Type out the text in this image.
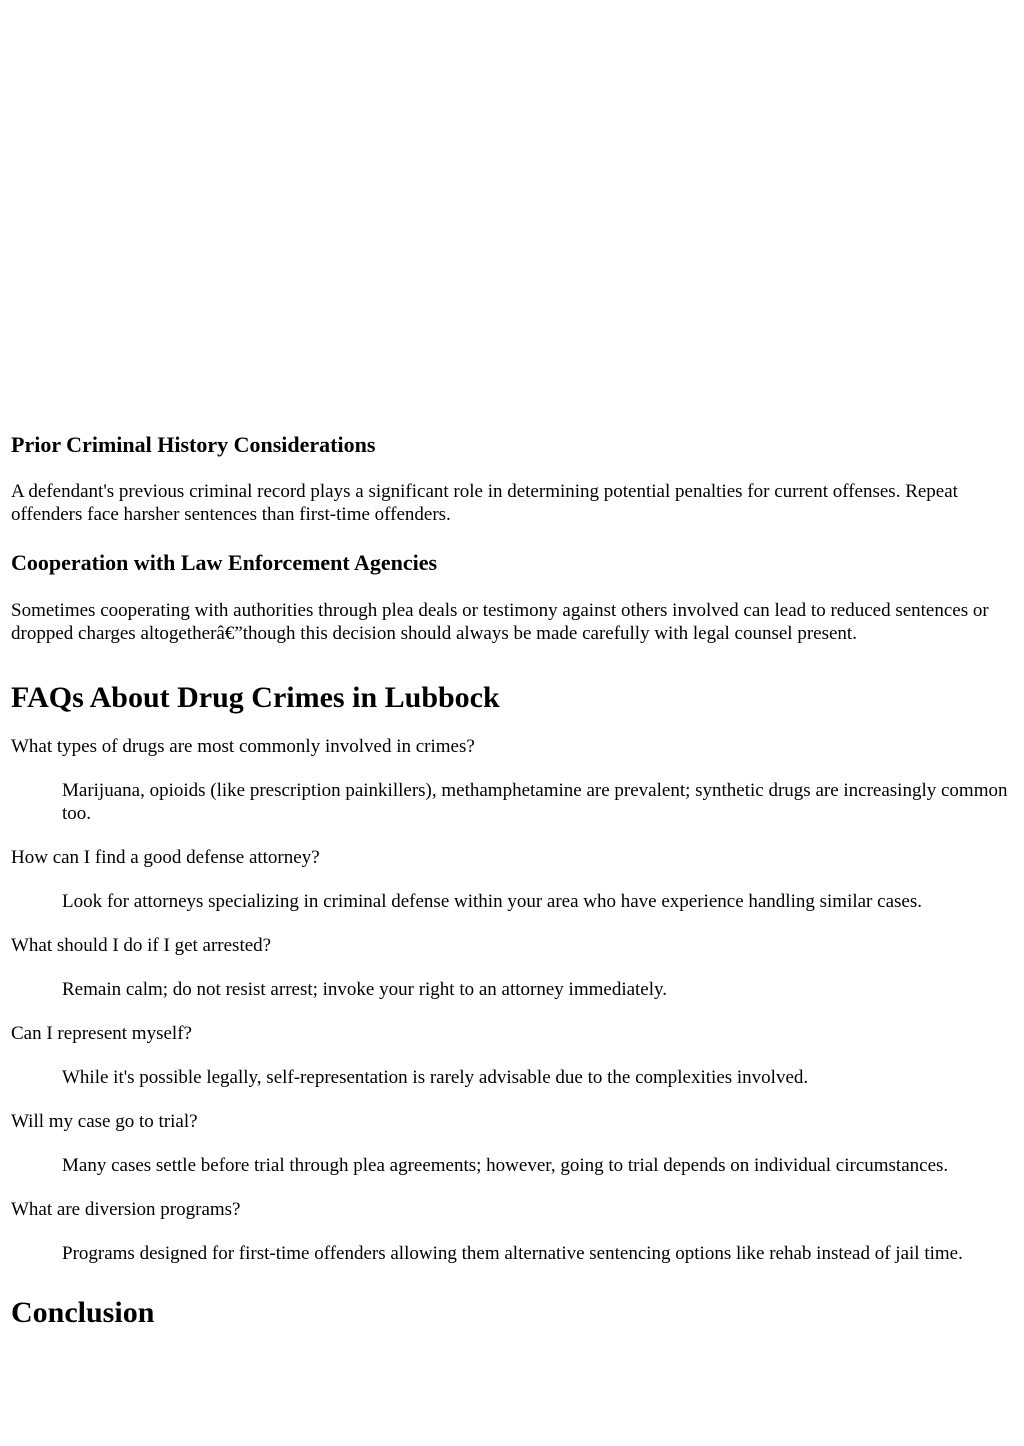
Prior Criminal History Considerations

A defendant's previous criminal record plays a significant role in determining potential penalties for current offenses. Repeat offenders face harsher sentences than first-time offenders.

Cooperation with Law Enforcement Agencies

Sometimes cooperating with authorities through plea deals or testimony against others involved can lead to reduced sentences or dropped charges altogetherâ€”though this decision should always be made carefully with legal counsel present.

FAQs About Drug Crimes in Lubbock
What types of drugs are most commonly involved in crimes?
Marijuana, opioids (like prescription painkillers), methamphetamine are prevalent; synthetic drugs are increasingly common too.
How can I find a good defense attorney?
Look for attorneys specializing in criminal defense within your area who have experience handling similar cases.
What should I do if I get arrested?
Remain calm; do not resist arrest; invoke your right to an attorney immediately.
Can I represent myself?
While it's possible legally, self-representation is rarely advisable due to the complexities involved.
Will my case go to trial?
Many cases settle before trial through plea agreements; however, going to trial depends on individual circumstances.
What are diversion programs?
Programs designed for first-time offenders allowing them alternative sentencing options like rehab instead of jail time.
Conclusion
